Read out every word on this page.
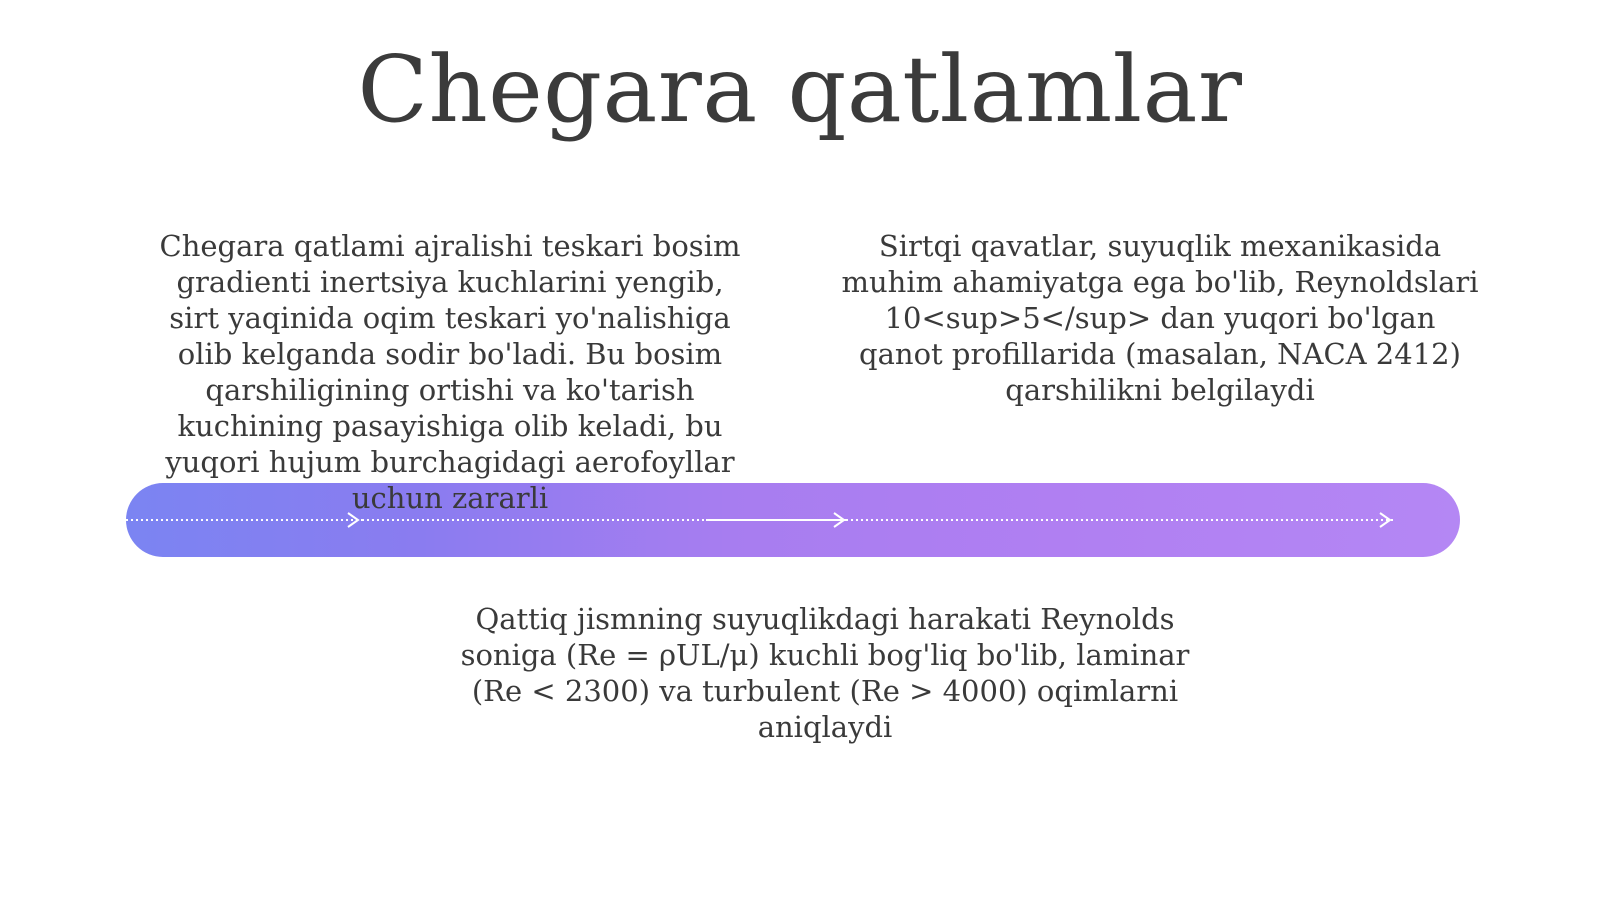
Chegara qatlamlar
Chegara qatlami ajralishi teskari bosim gradienti inertsiya kuchlarini yengib, sirt yaqinida oqim teskari yo'nalishiga olib kelganda sodir bo'ladi. Bu bosim qarshiligining ortishi va ko'tarish kuchining pasayishiga olib keladi, bu yuqori hujum burchagidagi aerofoyllar uchun zararli
Sirtqi qavatlar, suyuqlik mexanikasida muhim ahamiyatga ega bo'lib, Reynoldslari 10<sup>5</sup> dan yuqori bo'lgan qanot profillarida (masalan, NACA 2412) qarshilikni belgilaydi
Qattiq jismning suyuqlikdagi harakati Reynolds soniga (Re = ρUL/μ) kuchli bog'liq bo'lib, laminar (Re < 2300) va turbulent (Re > 4000) oqimlarni aniqlaydi
